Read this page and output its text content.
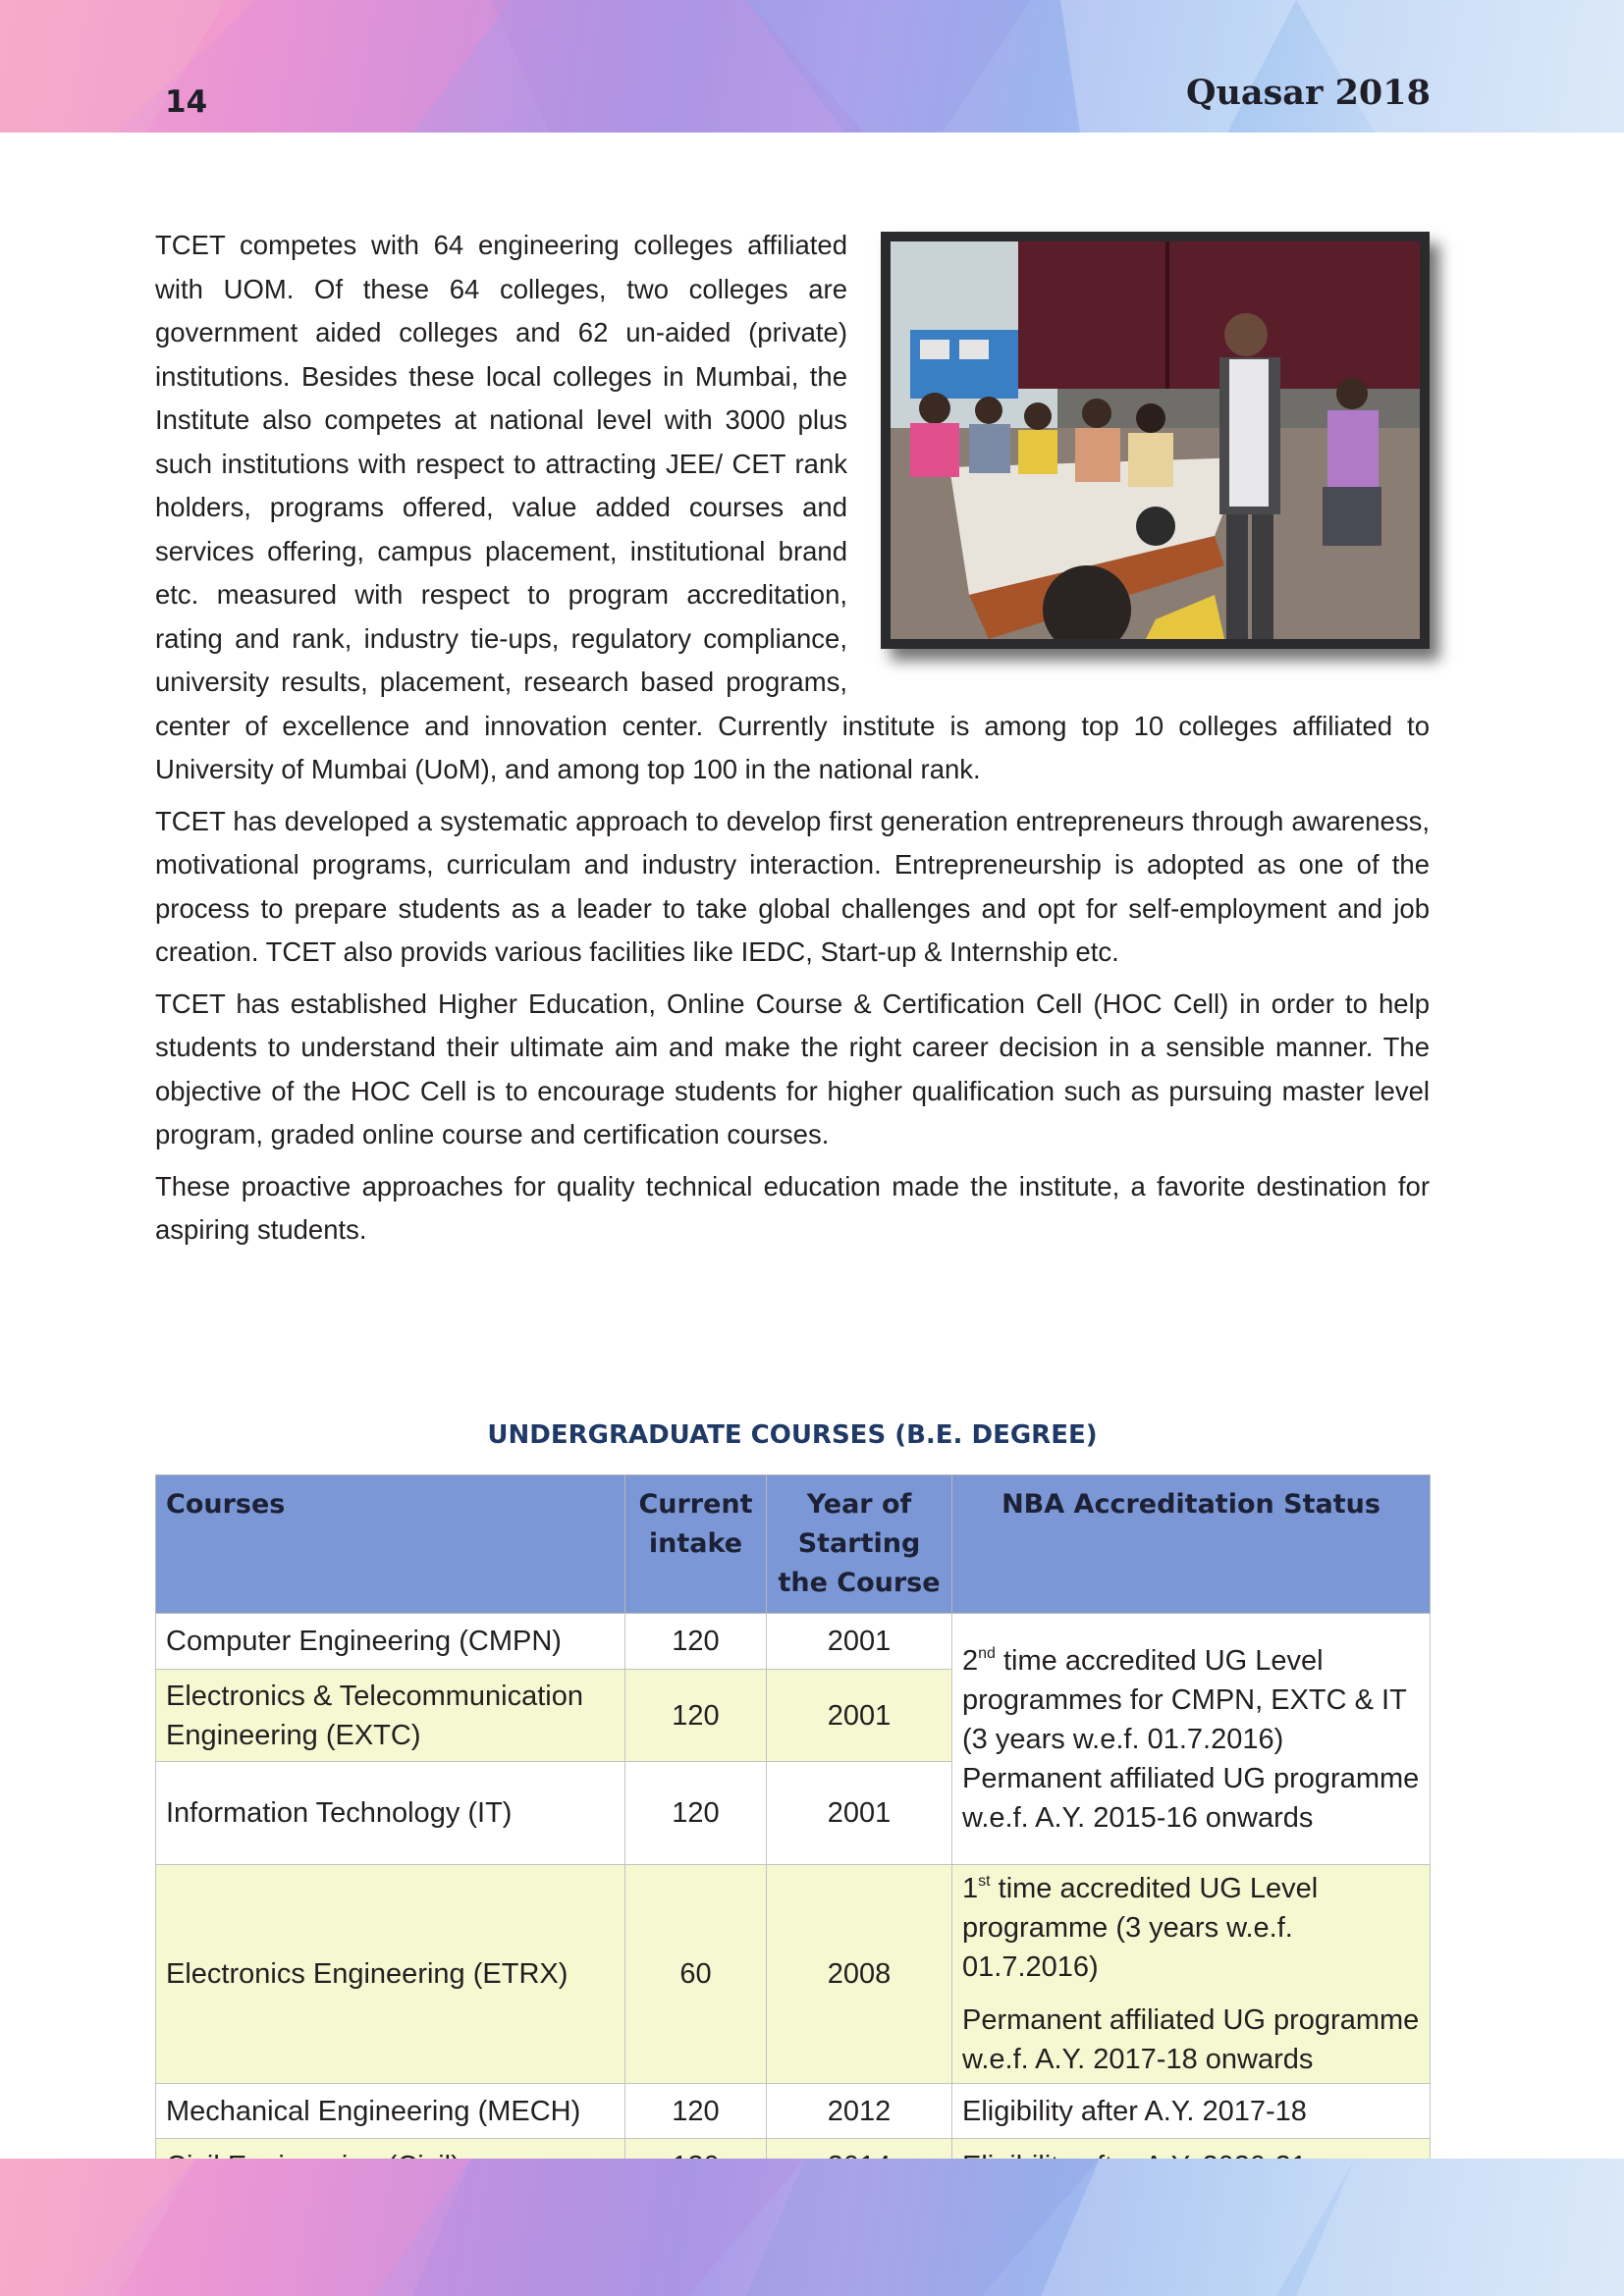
14	Quasar 2018

TCET competes with 64 engineering colleges affiliated with UOM. Of these 64 colleges, two colleges are government aided colleges and 62 un-aided (private) institutions. Besides these local colleges in Mumbai, the Institute also competes at national level with 3000 plus such institutions with respect to attracting JEE/ CET rank holders, programs offered, value added courses and services offering, campus placement, institutional brand etc. measured with respect to program accreditation, rating and rank, industry tie-ups, regulatory compliance, university results, placement, research based programs, center of excellence and innovation center. Currently institute is among top 10 colleges affiliated to University of Mumbai (UoM), and among top 100 in the national rank.

TCET has developed a systematic approach to develop first generation entrepreneurs through awareness, motivational programs, curriculam and industry interaction. Entrepreneurship is adopted as one of the process to prepare students as a leader to take global challenges and opt for self-employment and job creation. TCET also provids various facilities like IEDC, Start-up & Internship etc.

TCET has established Higher Education, Online Course & Certification Cell (HOC Cell) in order to help students to understand their ultimate aim and make the right career decision in a sensible manner. The objective of the HOC Cell is to encourage students for higher qualification such as pursuing master level program, graded online course and certification courses.

These proactive approaches for quality technical education made the institute, a favorite destination for aspiring students.

UNDERGRADUATE COURSES (B.E. DEGREE)
Courses	Current intake	Year of Starting the Course	NBA Accreditation Status
Computer Engineering (CMPN)	120	2001	2nd time accredited UG Level programmes for CMPN, EXTC & IT (3 years w.e.f. 01.7.2016)
Permanent affiliated UG programme w.e.f. A.Y. 2015-16 onwards

Electronics & Telecommunication Engineering (EXTC)	120	2001	
Information Technology (IT)	120	2001	
Electronics Engineering (ETRX)	60	2008	1st time accredited UG Level programme (3 years w.e.f. 01.7.2016)
Permanent affiliated UG programme w.e.f. A.Y. 2017-18 onwards

Mechanical Engineering (MECH)	120	2012	Eligibility after A.Y. 2017-18
